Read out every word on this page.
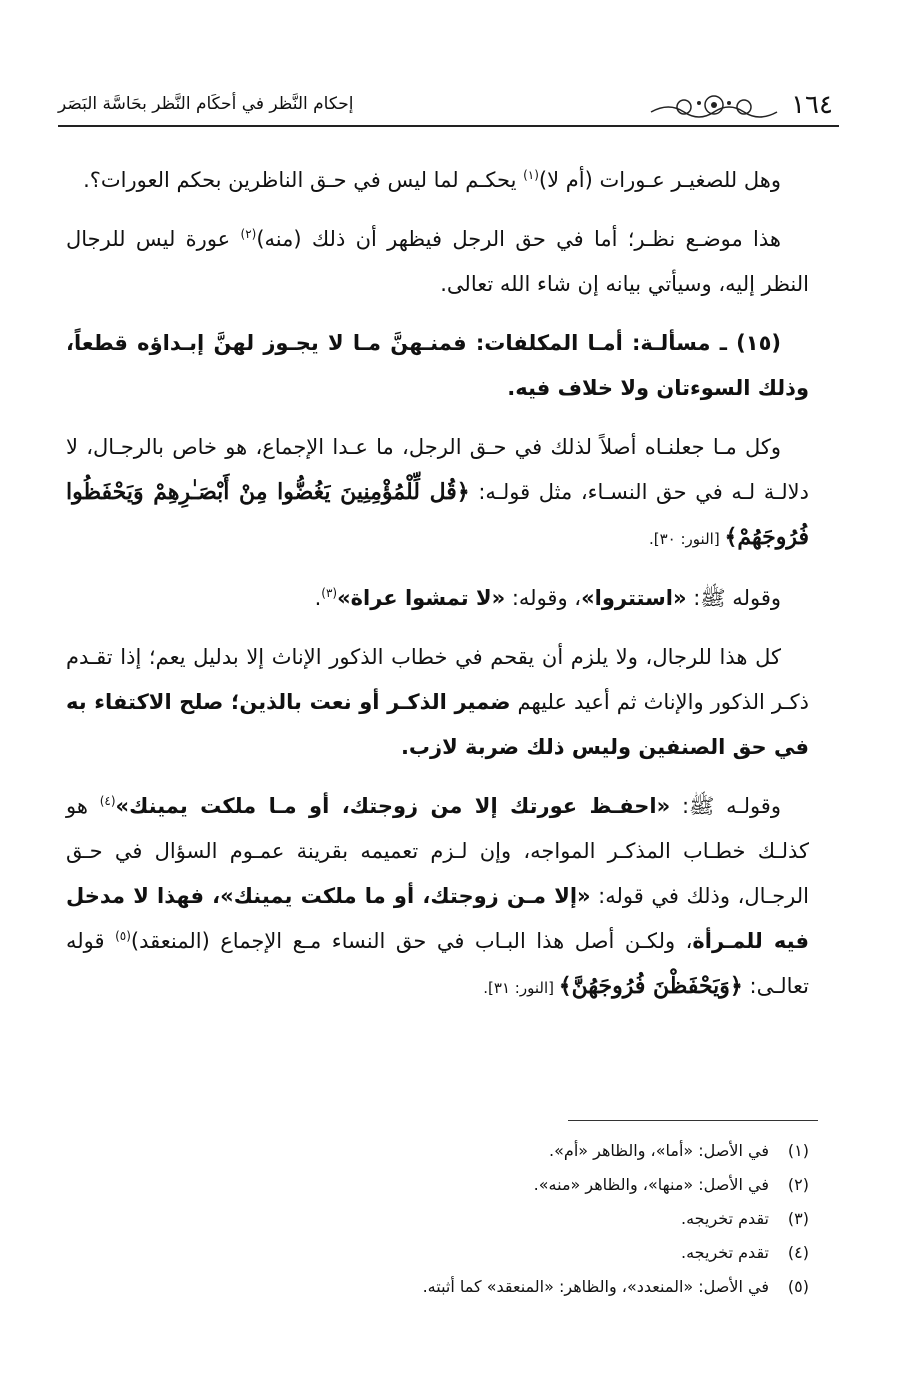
١٦٤
إحكام النَّظر في أحكَام النَّظر بحَاسَّة البَصَر

وهل للصغيـر عـورات (أم لا)$^{(١)}$ يحكـم لما ليس في حـق الناظرين بحكم العورات؟.

هذا موضـع نظـر؛ أما في حق الرجل فيظهر أن ذلك (منه)$^{(٢)}$ عورة ليس للرجال النظر إليه، وسيأتي بيانه إن شاء الله تعالى.

(١٥) ـ مسألـة: أمـا المكلفات: فمنـهنَّ مـا لا يجـوز لهنَّ إبـداؤه قطعاً، وذلك السوءتان ولا خلاف فيه.

وكل مـا جعلنـاه أصلاً لذلك في حـق الرجل، ما عـدا الإجماع، هو خاص بالرجـال، لا دلالـة لـه في حق النسـاء، مثل قولـه: ﴿قُل لِّلْمُؤْمِنِينَ يَغُضُّوا مِنْ أَبْصَـٰرِهِمْ وَيَحْفَظُوا فُرُوجَهُمْ﴾ [النور: ٣٠].

وقوله ﷺ: «استتروا»، وقوله: «لا تمشوا عراة»$^{(٣)}$.

كل هذا للرجال، ولا يلزم أن يقحم في خطاب الذكور الإناث إلا بدليل يعم؛ إذا تقـدم ذكـر الذكور والإناث ثم أعيد عليهم ضمير الذكـر أو نعت بالذين؛ صلح الاكتفاء به في حق الصنفين وليس ذلك ضربة لازب.

وقولـه ﷺ: «احفـظ عورتك إلا من زوجتك، أو مـا ملكت يمينك»$^{(٤)}$ هو كذلـك خطـاب المذكـر المواجه، وإن لـزم تعميمه بقرينة عمـوم السؤال في حـق الرجـال، وذلك في قوله: «إلا مـن زوجتك، أو ما ملكت يمينك»، فهذا لا مدخل فيه للمـرأة، ولكـن أصل هذا البـاب في حق النساء مـع الإجماع (المنعقد)$^{(٥)}$ قوله تعالـى: ﴿وَيَحْفَظْنَ فُرُوجَهُنَّ﴾ [النور: ٣١].

(١)في الأصل: «أما»، والظاهر «أم».

(٢)في الأصل: «منها»، والظاهر «منه».

(٣)تقدم تخريجه.

(٤)تقدم تخريجه.

(٥)في الأصل: «المنعدد»، والظاهر: «المنعقد» كما أثبته.
